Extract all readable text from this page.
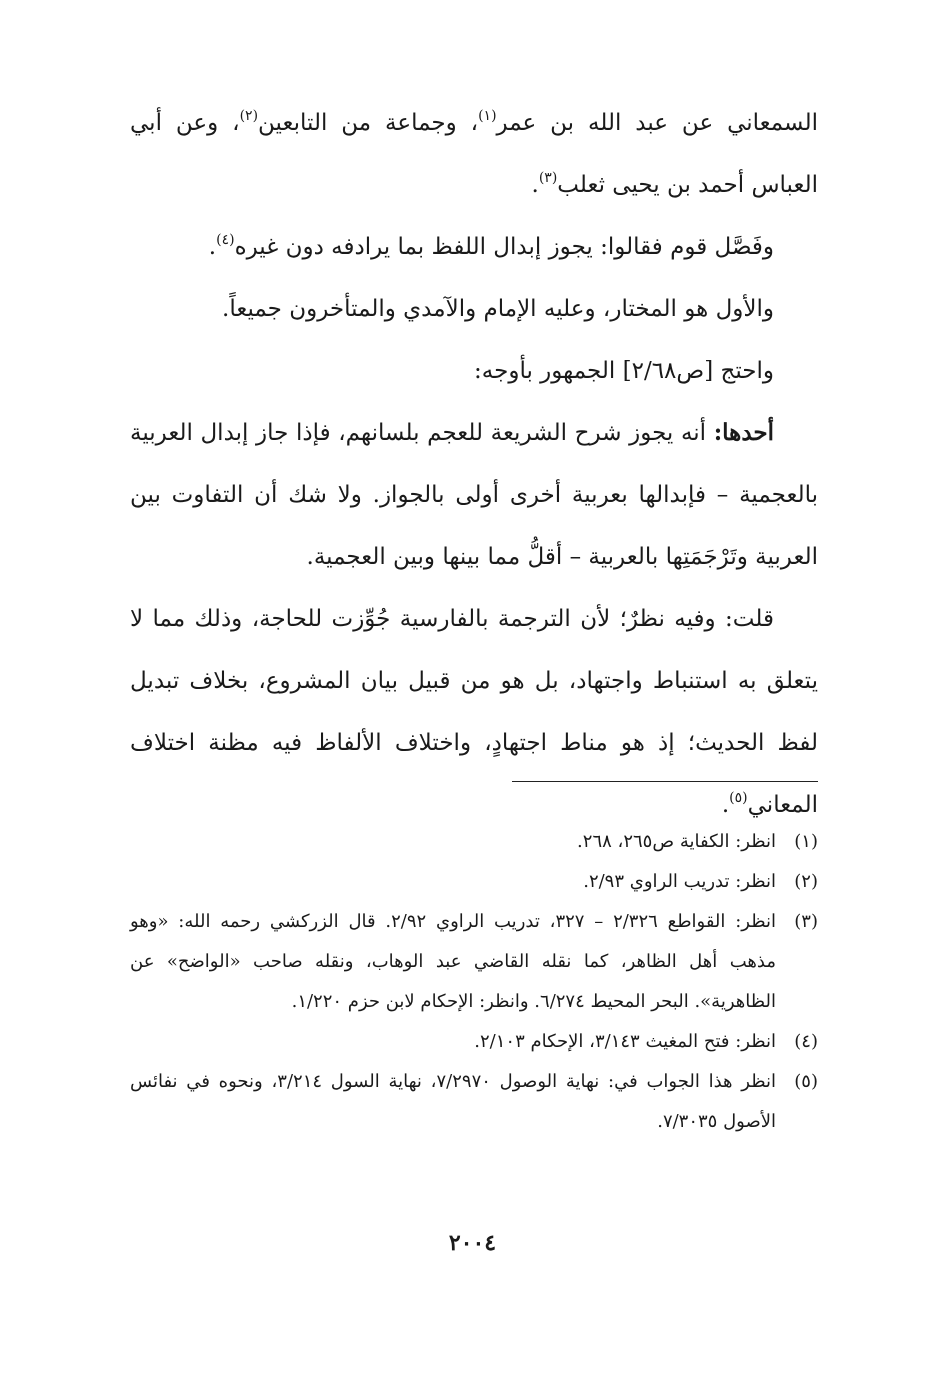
السمعاني عن عبد الله بن عمر$^{(١)}$، وجماعة من التابعين$^{(٢)}$، وعن أبي العباس أحمد بن يحيى ثعلب$^{(٣)}$.

وفَصَّل قوم فقالوا: يجوز إبدال اللفظ بما يرادفه دون غيره$^{(٤)}$.

والأول هو المختار، وعليه الإمام والآمدي والمتأخرون جميعاً.

واحتج [ص٢/٦٨] الجمهور بأوجه:

أحدها: أنه يجوز شرح الشريعة للعجم بلسانهم، فإذا جاز إبدال العربية بالعجمية – فإبدالها بعربية أخرى أولى بالجواز. ولا شك أن التفاوت بين العربية وتَرْجَمَتِها بالعربية – أقلُّ مما بينها وبين العجمية.

قلت: وفيه نظرٌ؛ لأن الترجمة بالفارسية جُوِّزت للحاجة، وذلك مما لا يتعلق به استنباط واجتهاد، بل هو من قبيل بيان المشروع، بخلاف تبديل لفظ الحديث؛ إذ هو مناط اجتهادٍ، واختلاف الألفاظ فيه مظنة اختلاف المعاني$^{(٥)}$.

(١)
انظر: الكفاية ص٢٦٥، ٢٦٨.
(٢)
انظر: تدريب الراوي ٢/٩٣.
(٣)
انظر: القواطع ٢/٣٢٦ – ٣٢٧، تدريب الراوي ٢/٩٢. قال الزركشي رحمه الله: «وهو مذهب أهل الظاهر، كما نقله القاضي عبد الوهاب، ونقله صاحب «الواضح» عن الظاهرية». البحر المحيط ٦/٢٧٤. وانظر: الإحكام لابن حزم ١/٢٢٠.
(٤)
انظر: فتح المغيث ٣/١٤٣، الإحكام ٢/١٠٣.
(٥)
انظر هذا الجواب في: نهاية الوصول ٧/٢٩٧٠، نهاية السول ٣/٢١٤، ونحوه في نفائس الأصول ٧/٣٠٣٥.
٢٠٠٤
